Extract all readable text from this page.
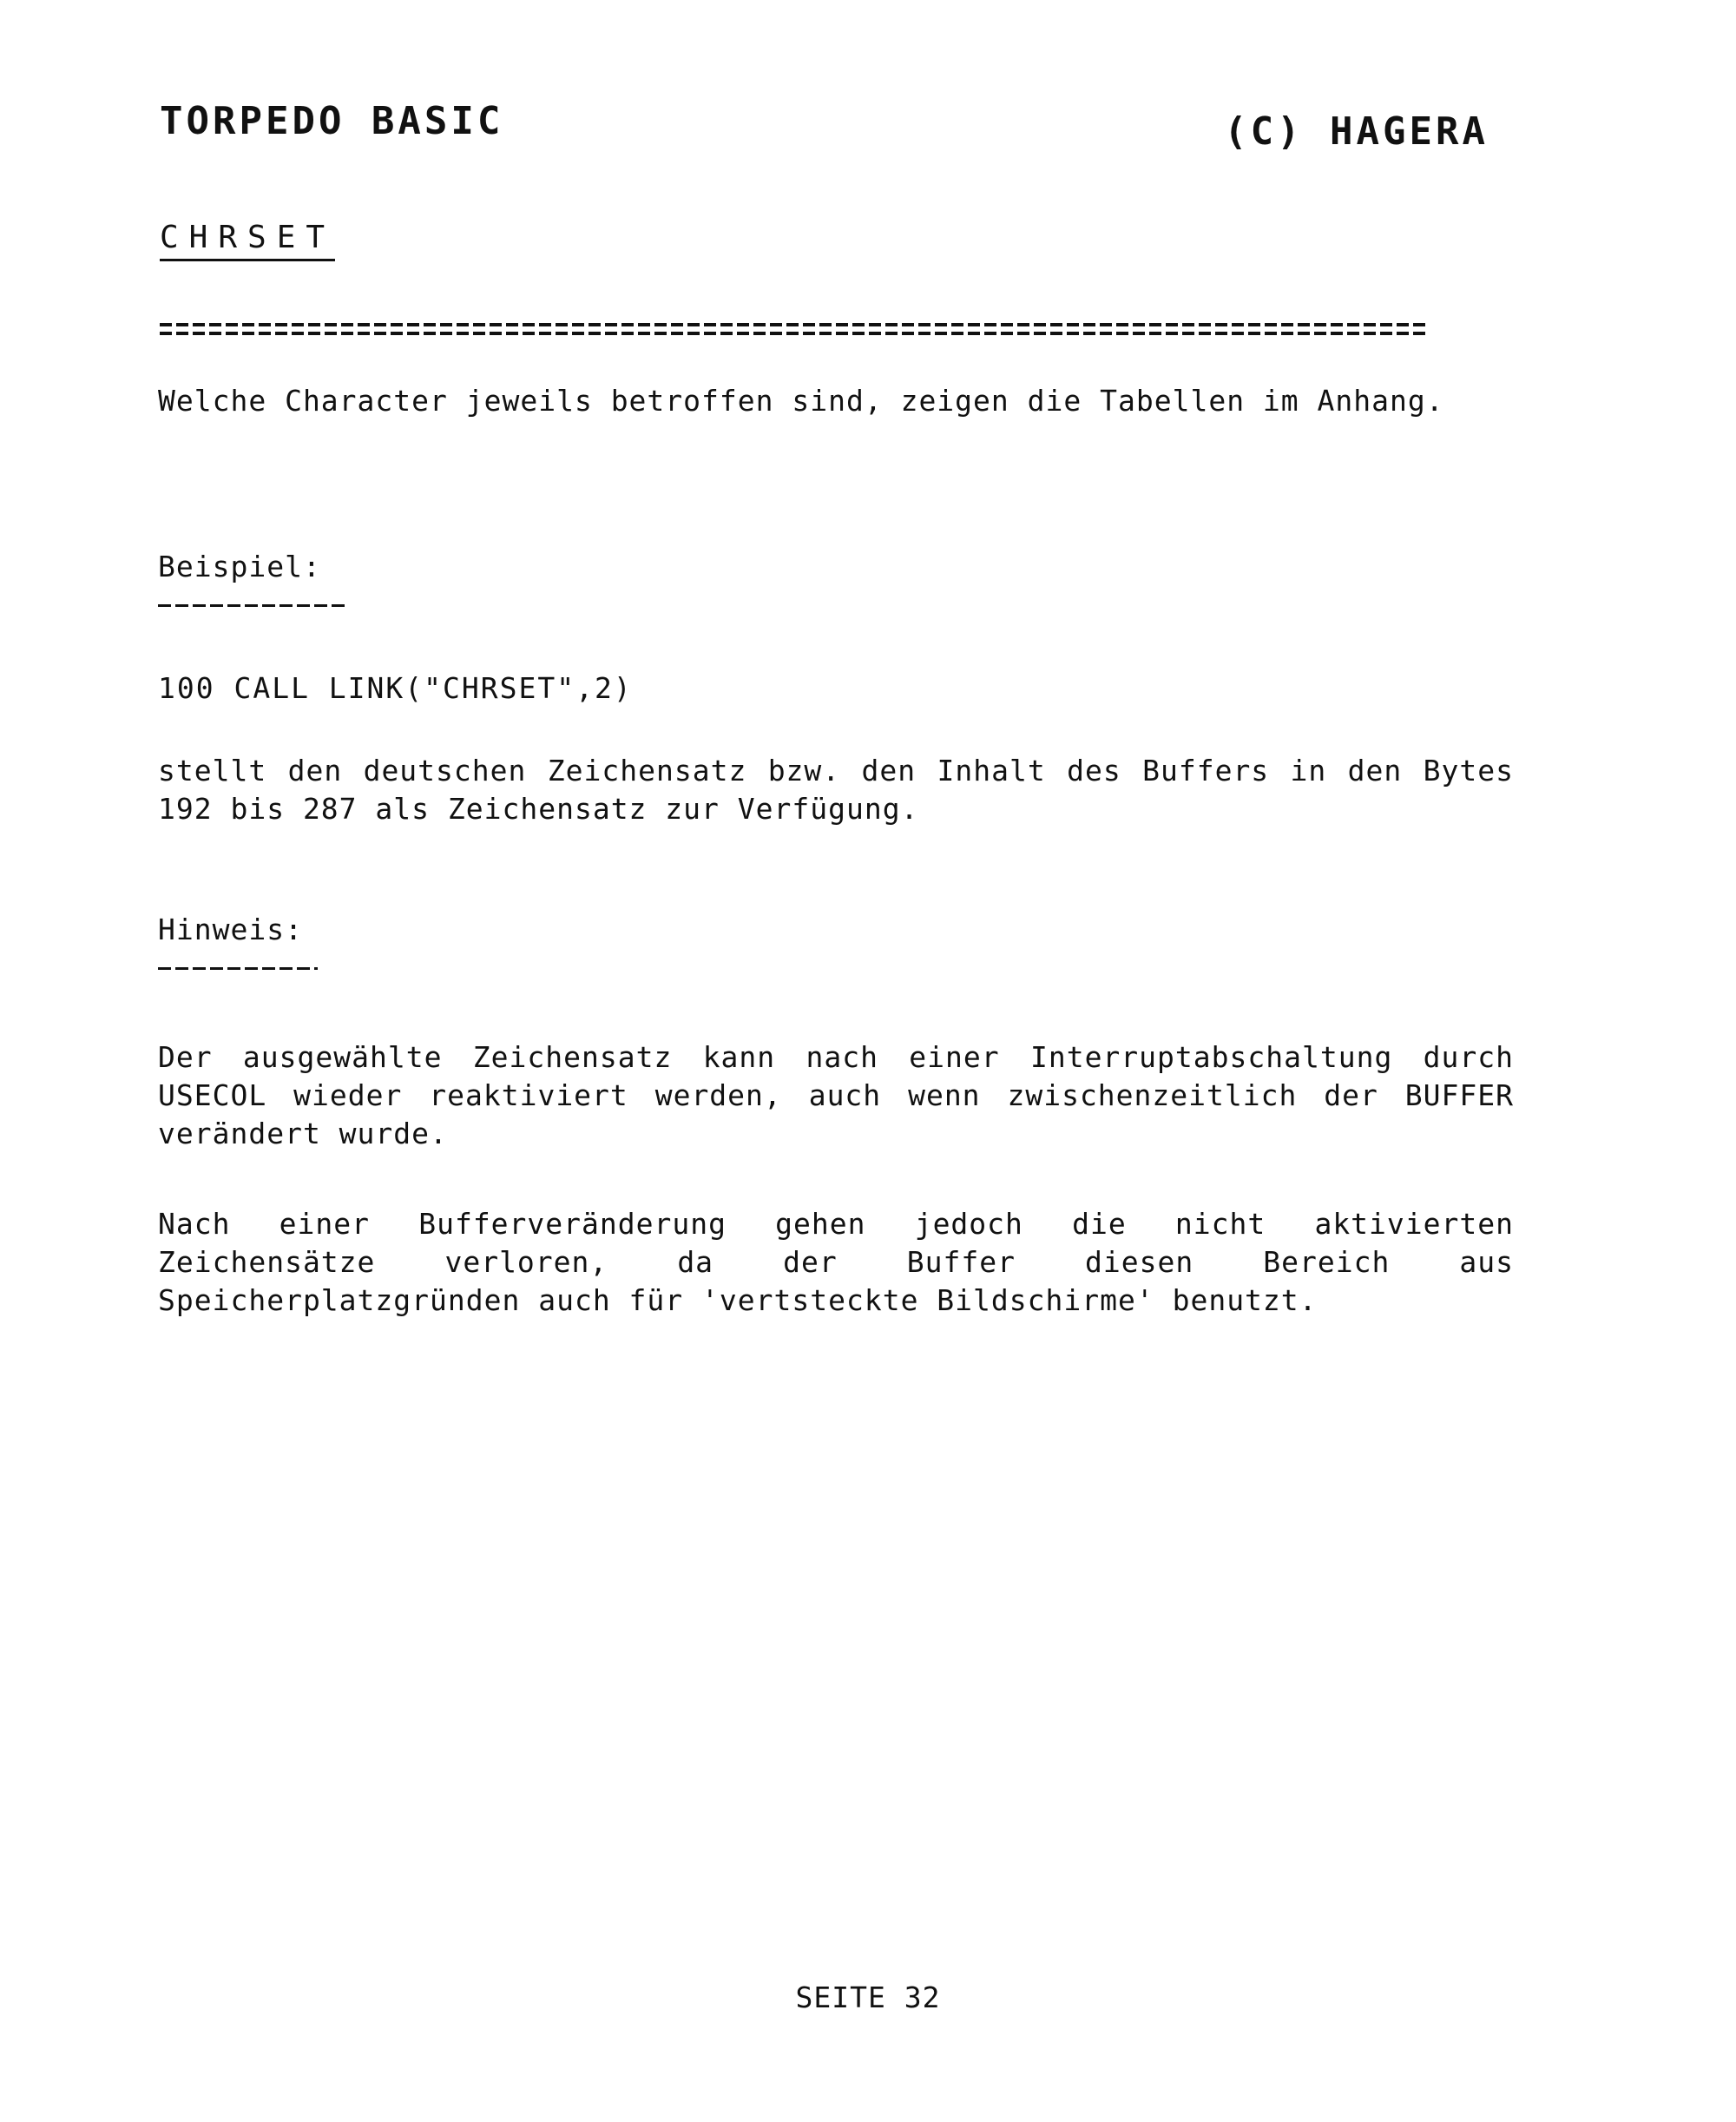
TORPEDO BASIC	(C) HAGERA
CHRSET
Welche Character jeweils betroffen sind, zeigen die Tabellen im Anhang.
Beispiel:
100 CALL LINK("CHRSET",2)
stellt den deutschen Zeichensatz bzw. den Inhalt des Buffers in den Bytes 192 bis 287 als Zeichensatz zur Verfügung.
Hinweis:
Der ausgewählte Zeichensatz kann nach einer Interruptabschaltung durch USECOL wieder reaktiviert werden, auch wenn zwischenzeitlich der BUFFER verändert wurde.
Nach einer Bufferveränderung gehen jedoch die nicht aktivierten Zeichensätze verloren, da der Buffer diesen Bereich aus Speicherplatzgründen auch für 'vertsteckte Bildschirme' benutzt.
SEITE 32
